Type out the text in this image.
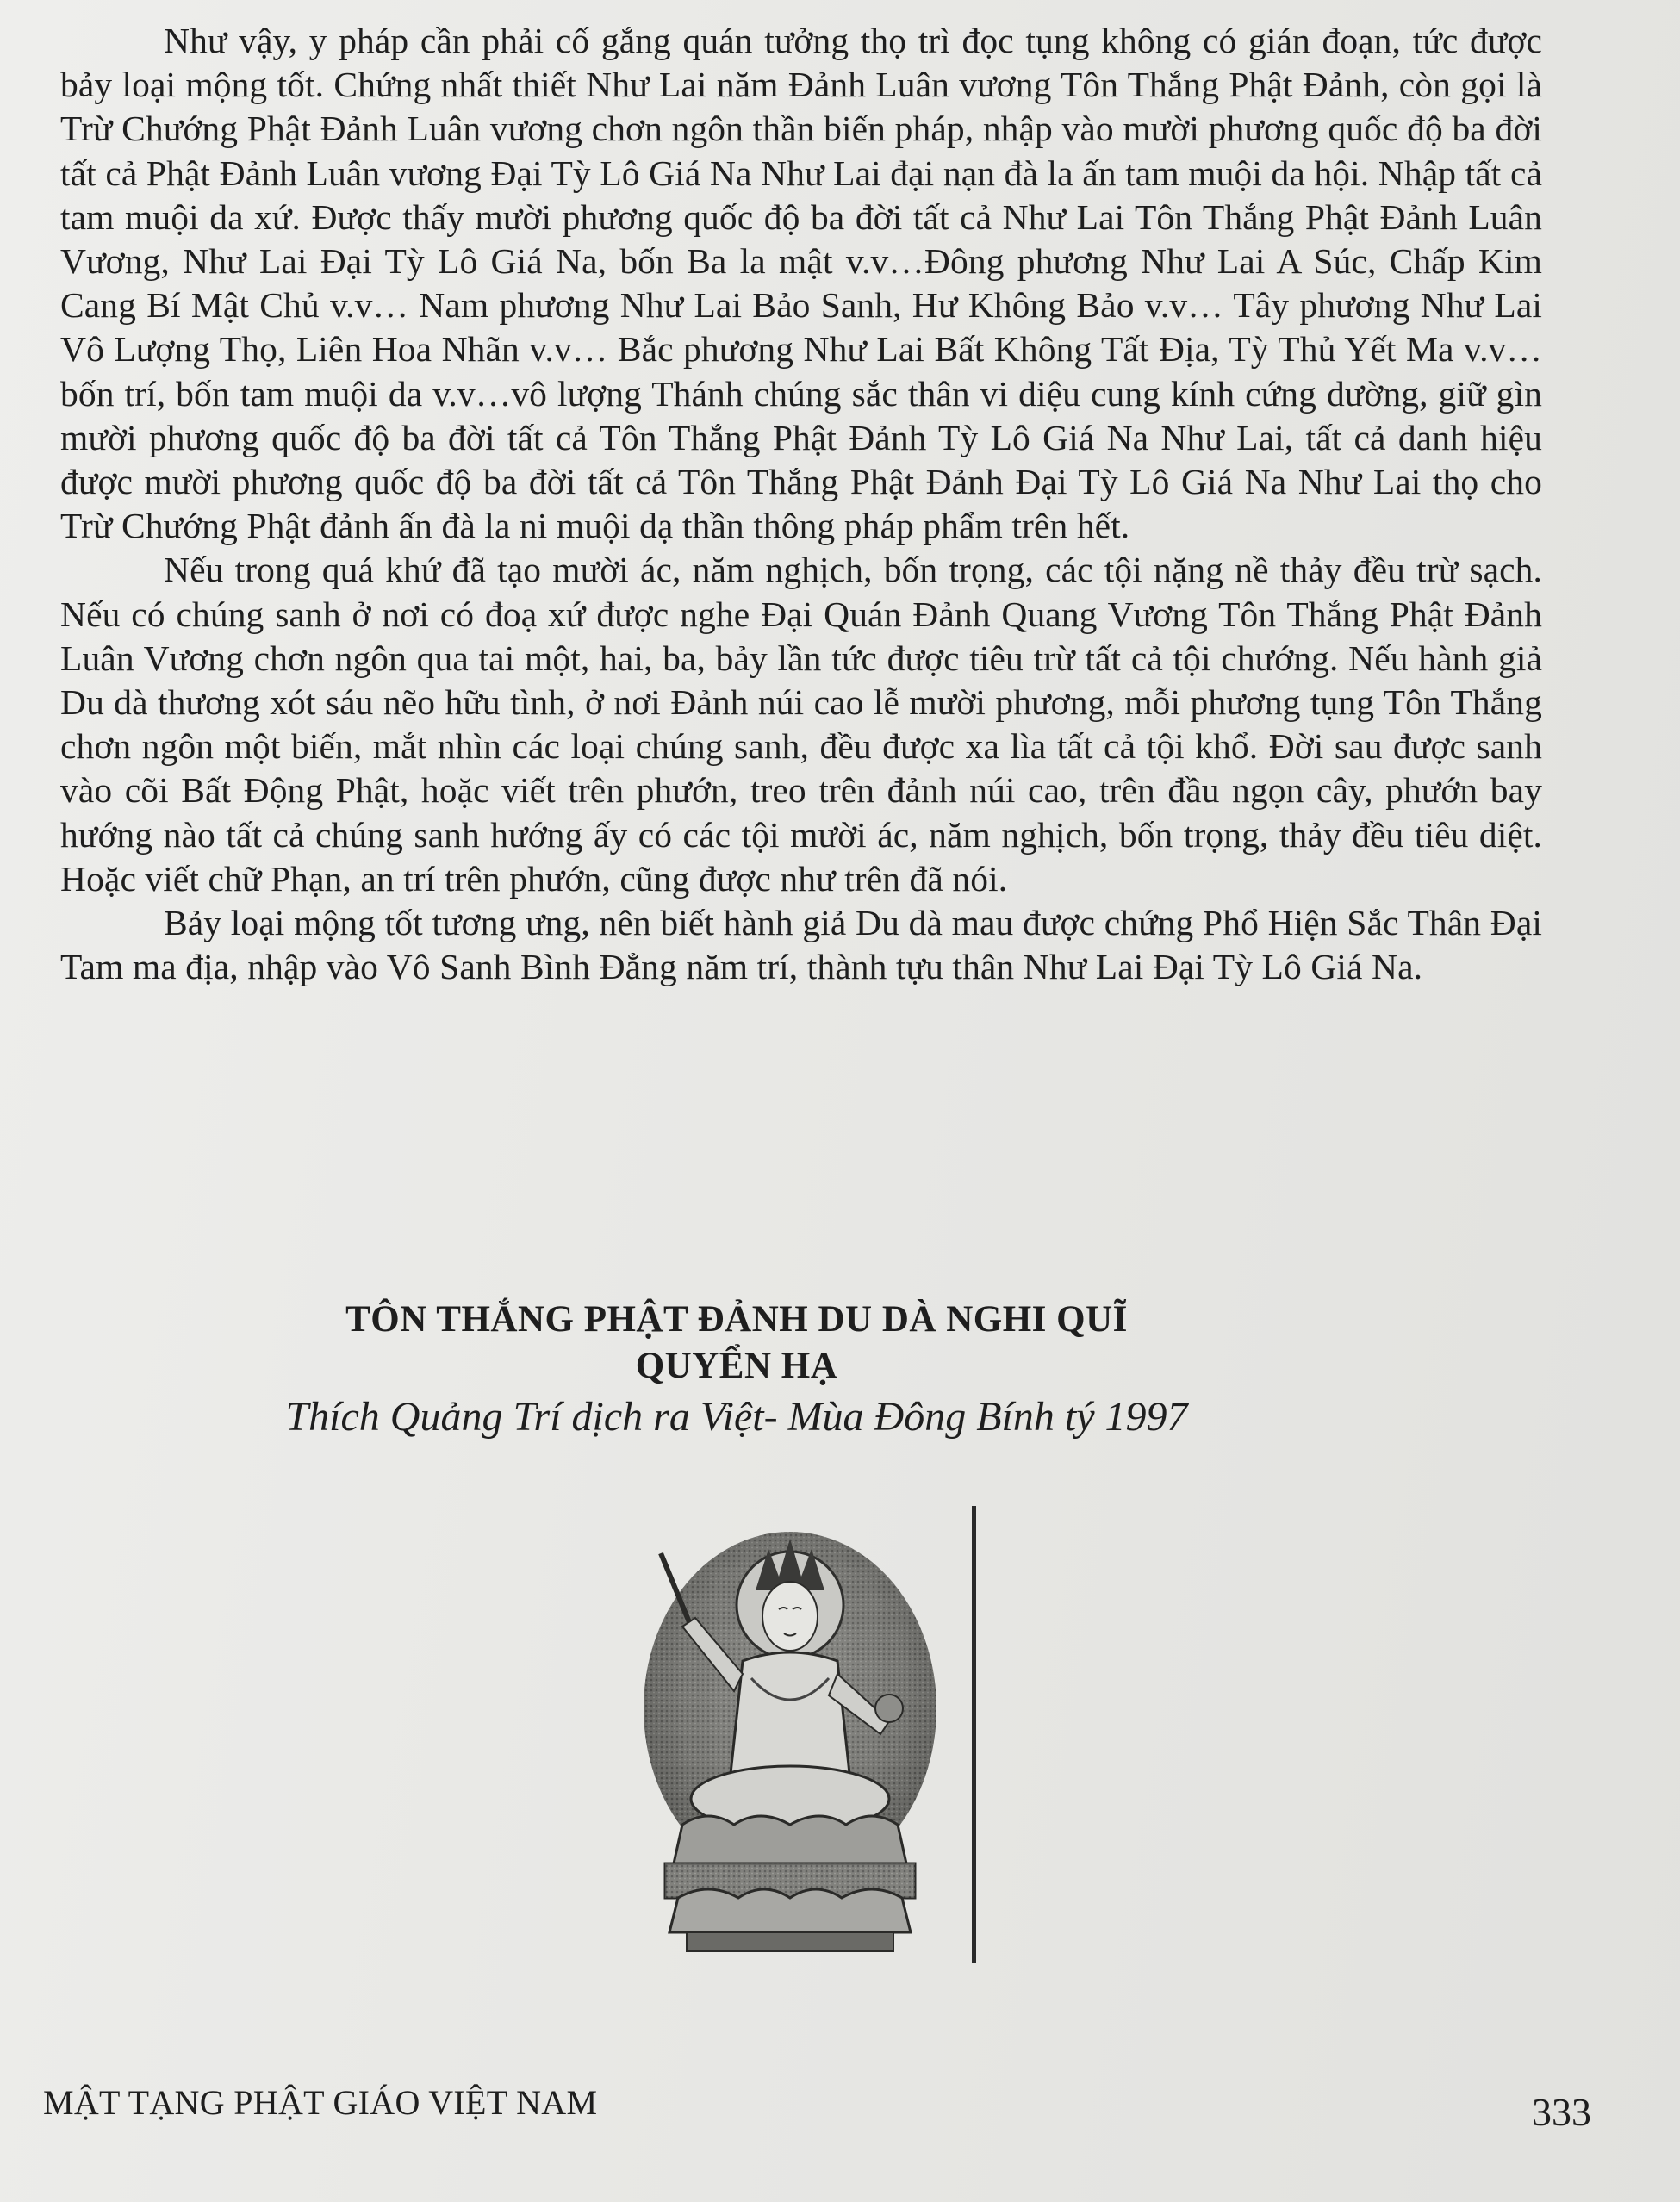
Như vậy, y pháp cần phải cố gắng quán tưởng thọ trì đọc tụng không có gián đoạn, tức được bảy loại mộng tốt. Chứng nhất thiết Như Lai năm Đảnh Luân vương Tôn Thắng Phật Đảnh, còn gọi là Trừ Chướng Phật Đảnh Luân vương chơn ngôn thần biến pháp, nhập vào mười phương quốc độ ba đời tất cả Phật Đảnh Luân vương Đại Tỳ Lô Giá Na Như Lai đại nạn đà la ấn tam muội da hội. Nhập tất cả tam muội da xứ. Được thấy mười phương quốc độ ba đời tất cả Như Lai Tôn Thắng Phật Đảnh Luân Vương, Như Lai Đại Tỳ Lô Giá Na, bốn Ba la mật v.v…Đông phương Như Lai A Súc, Chấp Kim Cang Bí Mật Chủ v.v… Nam phương Như Lai Bảo Sanh, Hư Không Bảo v.v… Tây phương Như Lai Vô Lượng Thọ, Liên Hoa Nhãn v.v… Bắc phương Như Lai Bất Không Tất Địa, Tỳ Thủ Yết Ma v.v…bốn trí, bốn tam muội da v.v…vô lượng Thánh chúng sắc thân vi diệu cung kính cứng dường, giữ gìn mười phương quốc độ ba đời tất cả Tôn Thắng Phật Đảnh Tỳ Lô Giá Na Như Lai, tất cả danh hiệu được mười phương quốc độ ba đời tất cả Tôn Thắng Phật Đảnh Đại Tỳ Lô Giá Na Như Lai thọ cho Trừ Chướng Phật đảnh ấn đà la ni muội dạ thần thông pháp phẩm trên hết.

Nếu trong quá khứ đã tạo mười ác, năm nghịch, bốn trọng, các tội nặng nề thảy đều trừ sạch. Nếu có chúng sanh ở nơi có đoạ xứ được nghe Đại Quán Đảnh Quang Vương Tôn Thắng Phật Đảnh Luân Vương chơn ngôn qua tai một, hai, ba, bảy lần tức được tiêu trừ tất cả tội chướng. Nếu hành giả Du dà thương xót sáu nẽo hữu tình, ở nơi Đảnh núi cao lễ mười phương, mỗi phương tụng Tôn Thắng chơn ngôn một biến, mắt nhìn các loại chúng sanh, đều được xa lìa tất cả tội khổ. Đời sau được sanh vào cõi Bất Động Phật, hoặc viết trên phướn, treo trên đảnh núi cao, trên đầu ngọn cây, phướn bay hướng nào tất cả chúng sanh hướng ấy có các tội mười ác, năm nghịch, bốn trọng, thảy đều tiêu diệt. Hoặc viết chữ Phạn, an trí trên phướn, cũng được như trên đã nói.

Bảy loại mộng tốt tương ưng, nên biết hành giả Du dà mau được chứng Phổ Hiện Sắc Thân Đại Tam ma địa, nhập vào Vô Sanh Bình Đẳng năm trí, thành tựu thân Như Lai Đại Tỳ Lô Giá Na.

TÔN THẮNG PHẬT ĐẢNH DU DÀ NGHI QUĨ
QUYỂN HẠ
Thích Quảng Trí dịch ra Việt- Mùa Đông Bính tý 1997
MẬT TẠNG PHẬT GIÁO VIỆT NAM	333
